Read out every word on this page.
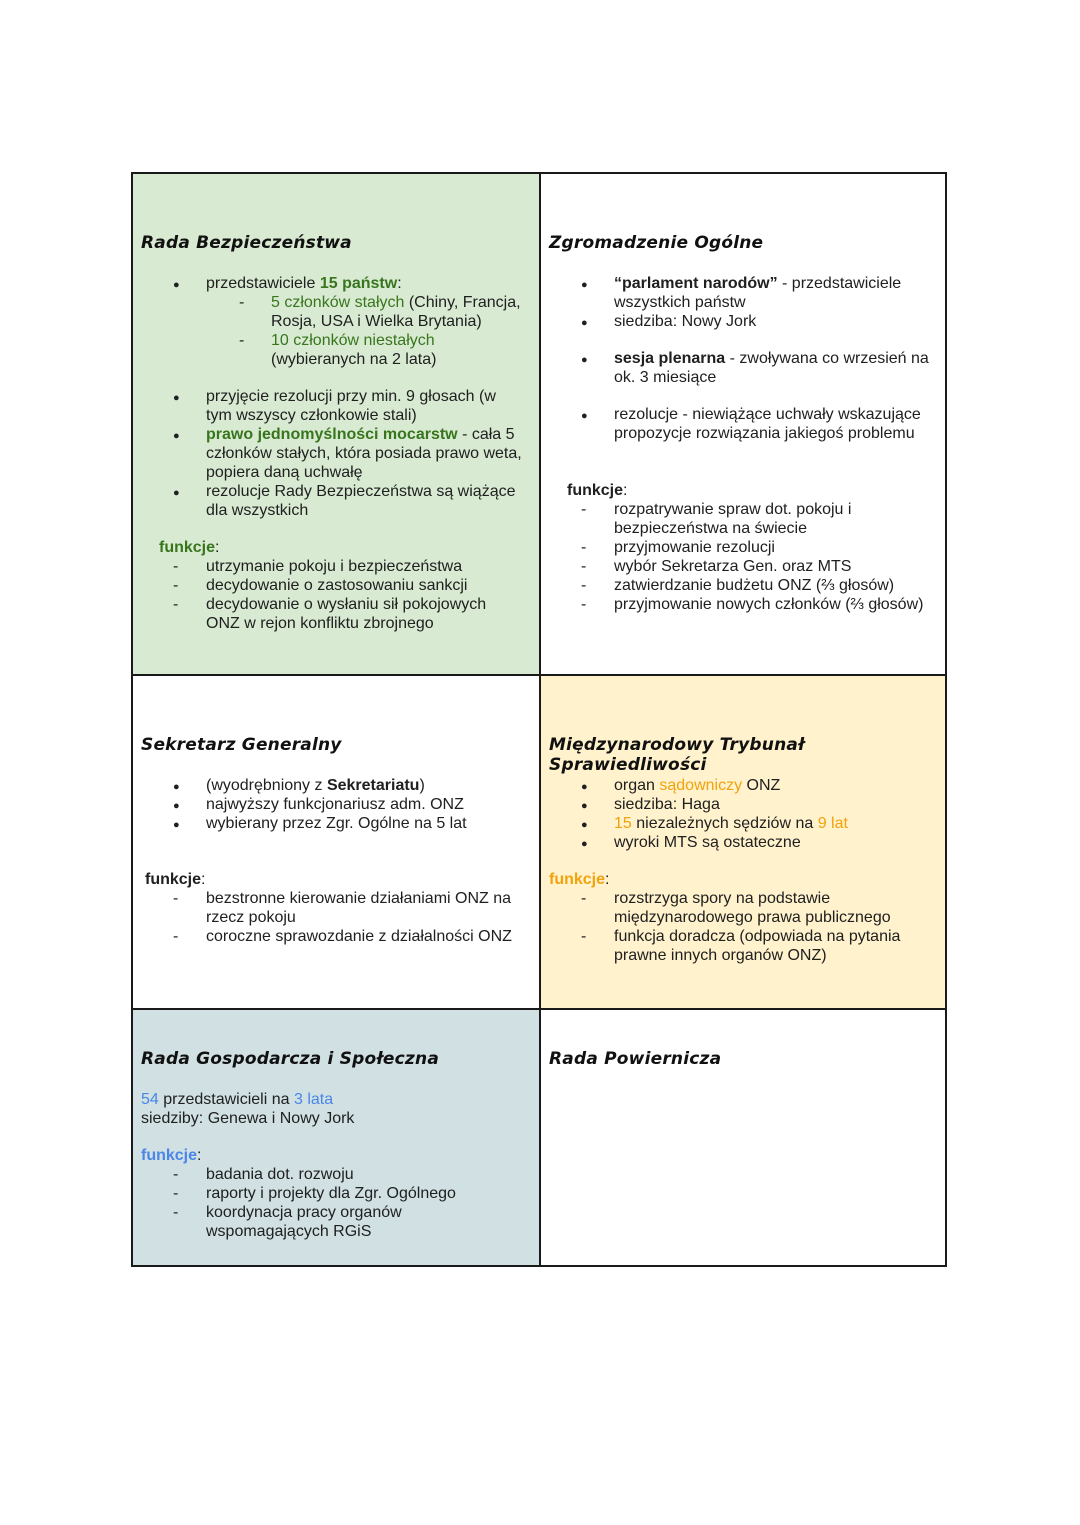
Rada Bezpieczeństwa
●

przedstawiciele 15 państw:

-

5 członków stałych (Chiny, Francja,

Rosja, USA i Wielka Brytania)

-

10 członków niestałych

(wybieranych na 2 lata)

●

przyjęcie rezolucji przy min. 9 głosach (w

tym wszyscy członkowie stali)

●

prawo jednomyślności mocarstw - cała 5

członków stałych, która posiada prawo weta,

popiera daną uchwałę

●

rezolucje Rady Bezpieczeństwa są wiążące

dla wszystkich

funkcje:

-

utrzymanie pokoju i bezpieczeństwa

-

decydowanie o zastosowaniu sankcji

-

decydowanie o wysłaniu sił pokojowych

ONZ w rejon konfliktu zbrojnego

Zgromadzenie Ogólne
●

“parlament narodów” - przedstawiciele

wszystkich państw

●

siedziba: Nowy Jork

●

sesja plenarna - zwoływana co wrzesień na

ok. 3 miesiące

●

rezolucje - niewiążące uchwały wskazujące

propozycje rozwiązania jakiegoś problemu

funkcje:

-

rozpatrywanie spraw dot. pokoju i

bezpieczeństwa na świecie

-

przyjmowanie rezolucji

-

wybór Sekretarza Gen. oraz MTS

-

zatwierdzanie budżetu ONZ (⅔ głosów)

-

przyjmowanie nowych członków (⅔ głosów)

Sekretarz Generalny
●

(wyodrębniony z Sekretariatu)

●

najwyższy funkcjonariusz adm. ONZ

●

wybierany przez Zgr. Ogólne na 5 lat

funkcje:

-

bezstronne kierowanie działaniami ONZ na

rzecz pokoju

-

coroczne sprawozdanie z działalności ONZ

Międzynarodowy Trybunał Sprawiedliwości
●

organ sądowniczy ONZ

●

siedziba: Haga

●

15 niezależnych sędziów na 9 lat

●

wyroki MTS są ostateczne

funkcje:

-

rozstrzyga spory na podstawie

międzynarodowego prawa publicznego

-

funkcja doradcza (odpowiada na pytania

prawne innych organów ONZ)

Rada Gospodarcza i Społeczna

54 przedstawicieli na 3 lata

siedziby: Genewa i Nowy Jork

funkcje:

-

badania dot. rozwoju

-

raporty i projekty dla Zgr. Ogólnego

-

koordynacja pracy organów

wspomagających RGiS

Rada Powiernicza
